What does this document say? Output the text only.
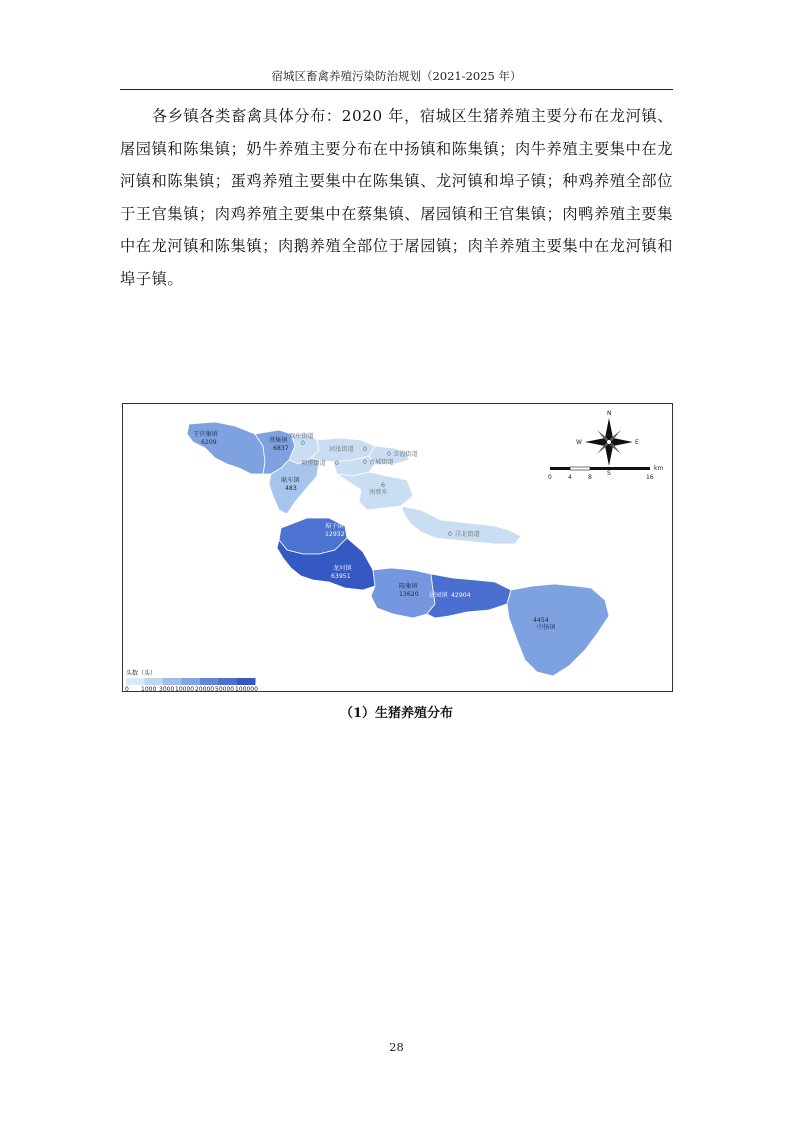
宿城区畜禽养殖污染防治规划（2021-2025 年）
各乡镇各类畜禽具体分布：2020 年，宿城区生猪养殖主要分布在龙河镇、屠园镇和陈集镇；奶牛养殖主要分布在中扬镇和陈集镇；肉牛养殖主要集中在龙河镇和陈集镇；蛋鸡养殖主要集中在陈集镇、龙河镇和埠子镇；种鸡养殖全部位于王官集镇；肉鸡养殖主要集中在蔡集镇、屠园镇和王官集镇；肉鸭养殖主要集中在龙河镇和陈集镇；肉鹅养殖全部位于屠园镇；肉羊养殖主要集中在龙河镇和埠子镇。
王官集镇
6209	蔡集镇
6837
双庄街道
0
河泓街道 0
幸福街道
0
古城街道
0
项里街道 0
洋北街道
0
耿车镇
483
南蔡乡
6
埠子镇
12932
龙河镇
63951
陈集镇
13620 屠园镇 42904
中扬镇
4454
N
S
E
W
0	4	8	16
km
头数（头）
0 1000 3000 10000 20000 50000 100000
（1）生猪养殖分布
28
